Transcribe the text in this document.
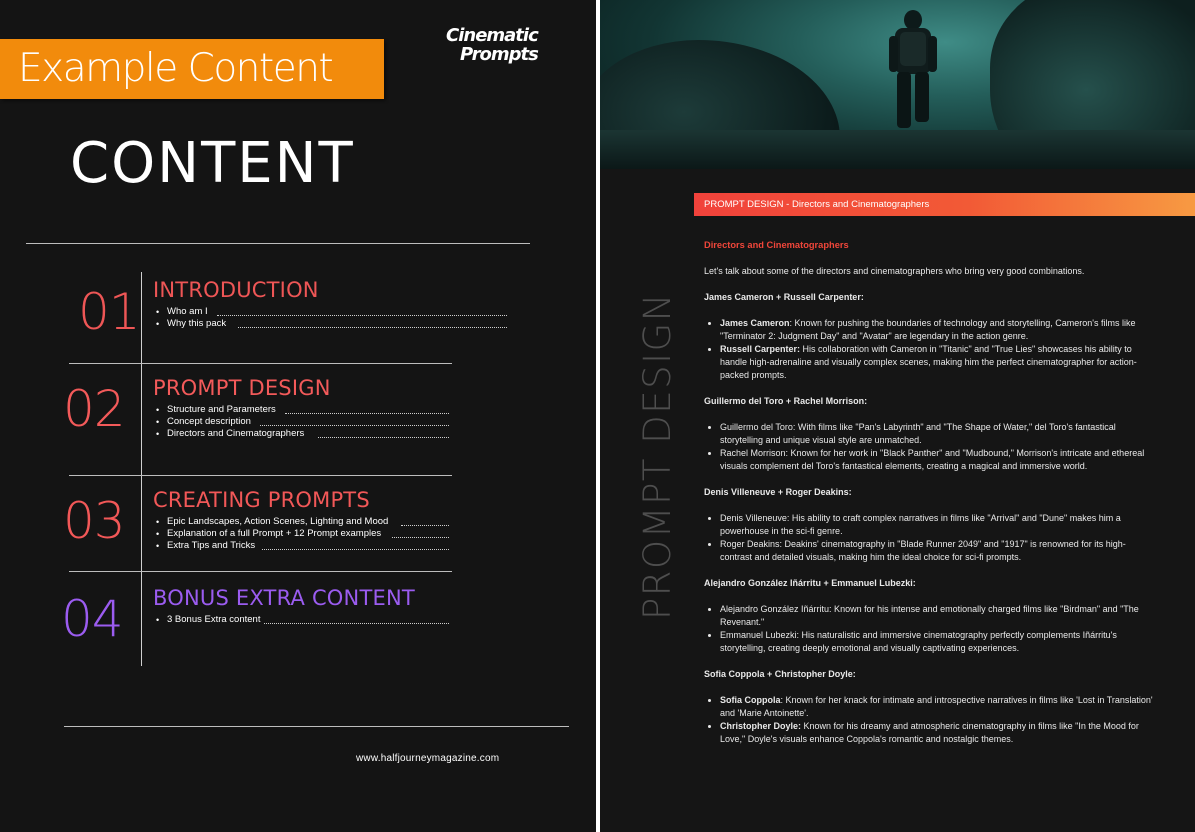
Example Content
Cinematic
Prompts
CONTENT
01 INTRODUCTION
• Who am I
• Why this pack
02 PROMPT DESIGN
• Structure and Parameters
• Concept description
• Directors and Cinematographers
03 CREATING PROMPTS
• Epic Landscapes, Action Scenes, Lighting and Mood
• Explanation of a full Prompt + 12 Prompt examples
• Extra Tips and Tricks
04 BONUS EXTRA CONTENT
• 3 Bonus Extra content
www.halfjourneymagazine.com
PROMPT DESIGN - Directors and Cinematographers
PROMPT DESIGN
Directors and Cinematographers

Let's talk about some of the directors and cinematographers who bring very good combinations.

James Cameron + Russell Carpenter:
• James Cameron: Known for pushing the boundaries of technology and storytelling, Cameron's films like "Terminator 2: Judgment Day" and "Avatar" are legendary in the action genre.
• Russell Carpenter: His collaboration with Cameron in "Titanic" and "True Lies" showcases his ability to handle high-adrenaline and visually complex scenes, making him the perfect cinematographer for action-packed prompts.
Guillermo del Toro + Rachel Morrison:
• Guillermo del Toro: With films like "Pan's Labyrinth" and "The Shape of Water," del Toro's fantastical storytelling and unique visual style are unmatched.
• Rachel Morrison: Known for her work in "Black Panther" and "Mudbound," Morrison's intricate and ethereal visuals complement del Toro's fantastical elements, creating a magical and immersive world.
Denis Villeneuve + Roger Deakins:
• Denis Villeneuve: His ability to craft complex narratives in films like "Arrival" and "Dune" makes him a powerhouse in the sci-fi genre.
• Roger Deakins: Deakins' cinematography in "Blade Runner 2049" and "1917" is renowned for its high-contrast and detailed visuals, making him the ideal choice for sci-fi prompts.
Alejandro González Iñárritu + Emmanuel Lubezki:
• Alejandro González Iñárritu: Known for his intense and emotionally charged films like "Birdman" and "The Revenant."
• Emmanuel Lubezki: His naturalistic and immersive cinematography perfectly complements Iñárritu's storytelling, creating deeply emotional and visually captivating experiences.
Sofia Coppola + Christopher Doyle:
• Sofia Coppola: Known for her knack for intimate and introspective narratives in films like 'Lost in Translation' and 'Marie Antoinette'.
• Christopher Doyle: Known for his dreamy and atmospheric cinematography in films like "In the Mood for Love," Doyle's visuals enhance Coppola's romantic and nostalgic themes.
